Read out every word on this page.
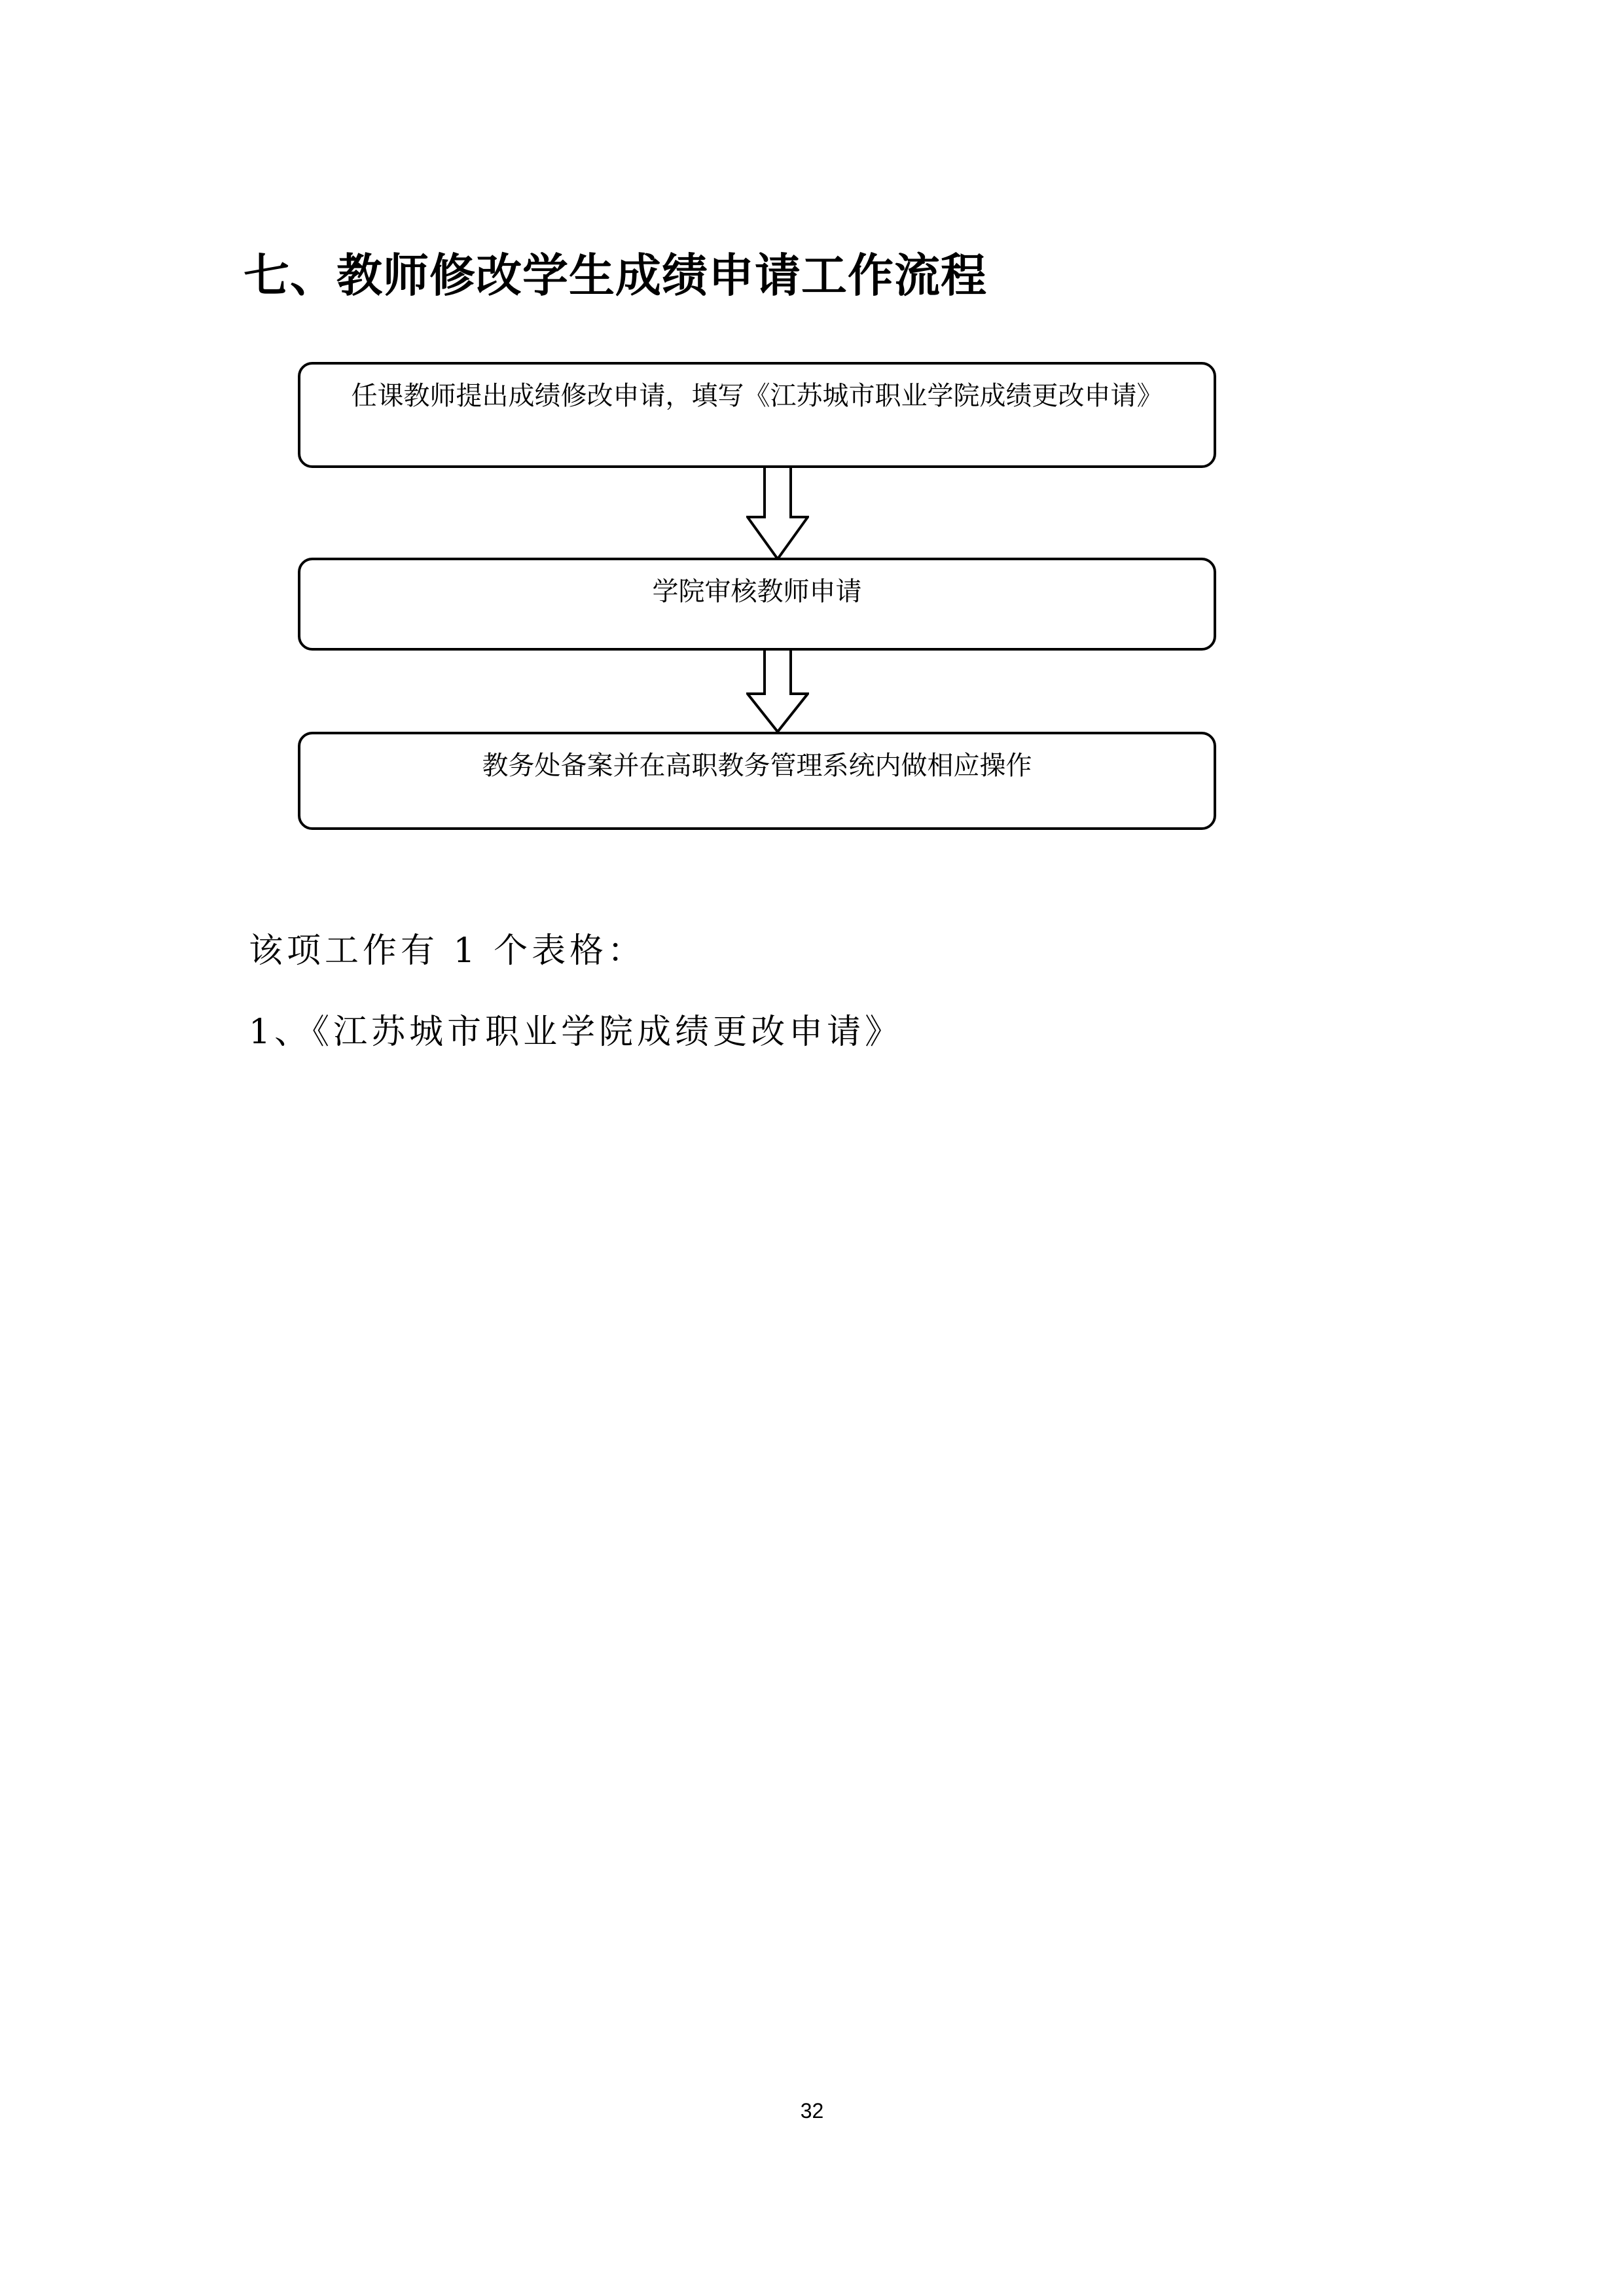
七、教师修改学生成绩申请工作流程
任课教师提出成绩修改申请，填写《江苏城市职业学院成绩更改申请》
学院审核教师申请
教务处备案并在高职教务管理系统内做相应操作
该项工作有 1 个表格：
1、《江苏城市职业学院成绩更改申请》
32
